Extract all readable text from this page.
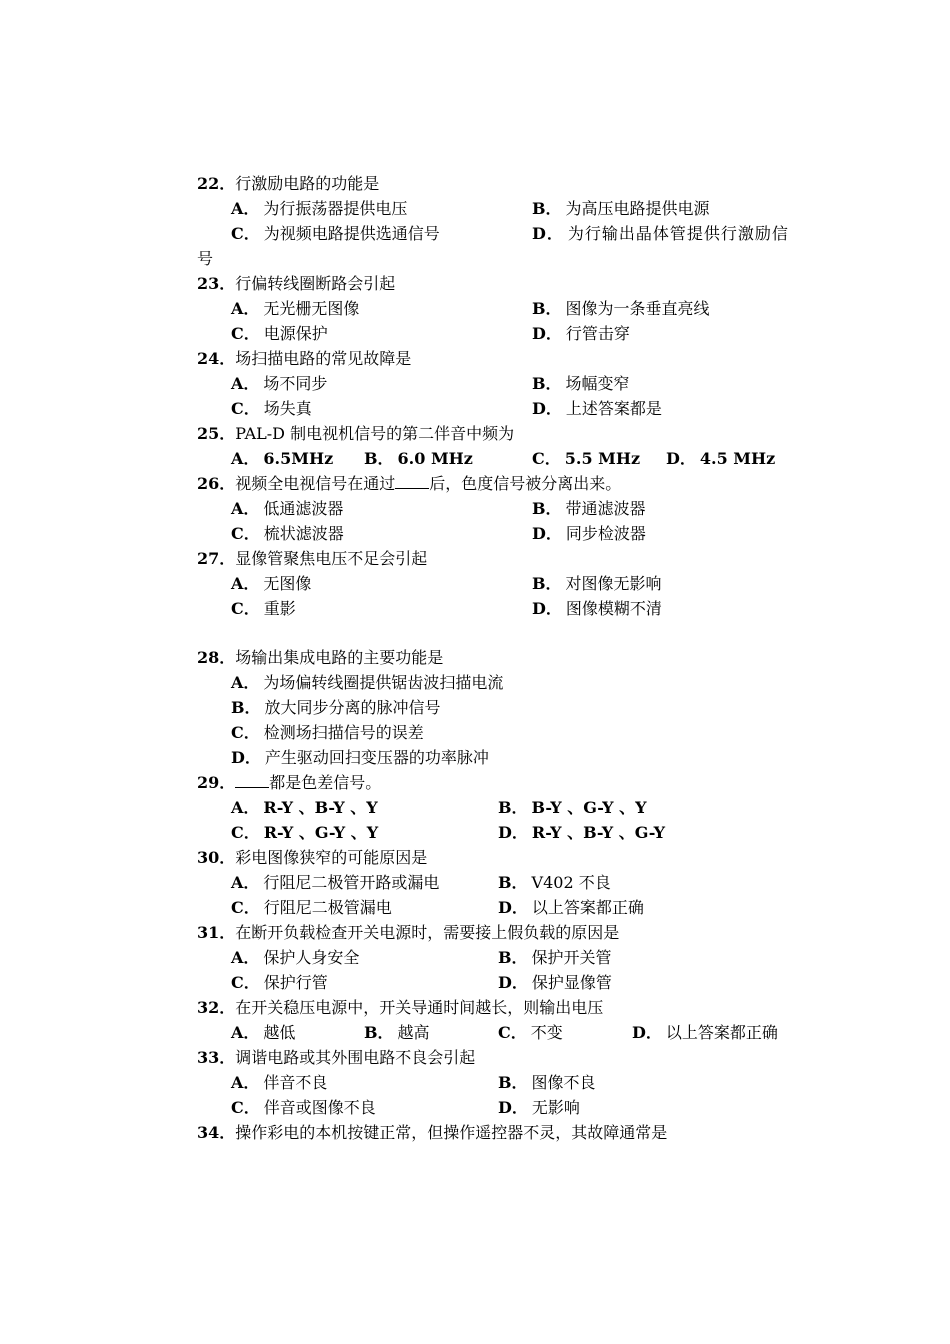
22．行激励电路的功能是
A． 为行振荡器提供电压	B． 为高压电路提供电源
C． 为视频电路提供选通信号	D． 为行输出晶体管提供行激励信
号
23．行偏转线圈断路会引起
A． 无光栅无图像	B． 图像为一条垂直亮线
C． 电源保护	D． 行管击穿
24．场扫描电路的常见故障是
A． 场不同步	B． 场幅变窄
C． 场失真	D． 上述答案都是
25．PAL-D 制电视机信号的第二伴音中频为
A． 6.5MHz B． 6.0 MHz	C． 5.5 MHz D． 4.5 MHz
26．视频全电视信号在通过 后，色度信号被分离出来。
A． 低通滤波器	B． 带通滤波器
C． 梳状滤波器	D． 同步检波器
27．显像管聚焦电压不足会引起
A． 无图像	B． 对图像无影响
C． 重影	D． 图像模糊不清
28．场输出集成电路的主要功能是
A． 为场偏转线圈提供锯齿波扫描电流
B． 放大同步分离的脉冲信号
C． 检测场扫描信号的误差
D． 产生驱动回扫变压器的功率脉冲
29． 都是色差信号。
A． R-Y 、B-Y 、Y	B． B-Y 、G-Y 、Y
C． R-Y 、G-Y 、Y	D． R-Y 、B-Y 、G-Y
30．彩电图像狭窄的可能原因是
A． 行阻尼二极管开路或漏电	B． V402 不良
C． 行阻尼二极管漏电	D． 以上答案都正确
31．在断开负载检查开关电源时，需要接上假负载的原因是
A． 保护人身安全	B． 保护开关管
C． 保护行管	D． 保护显像管
32．在开关稳压电源中，开关导通时间越长，则输出电压
A． 越低	B． 越高	C． 不变	D． 以上答案都正确
33．调谐电路或其外围电路不良会引起
A． 伴音不良	B． 图像不良
C． 伴音或图像不良	D． 无影响
34．操作彩电的本机按键正常，但操作遥控器不灵，其故障通常是
